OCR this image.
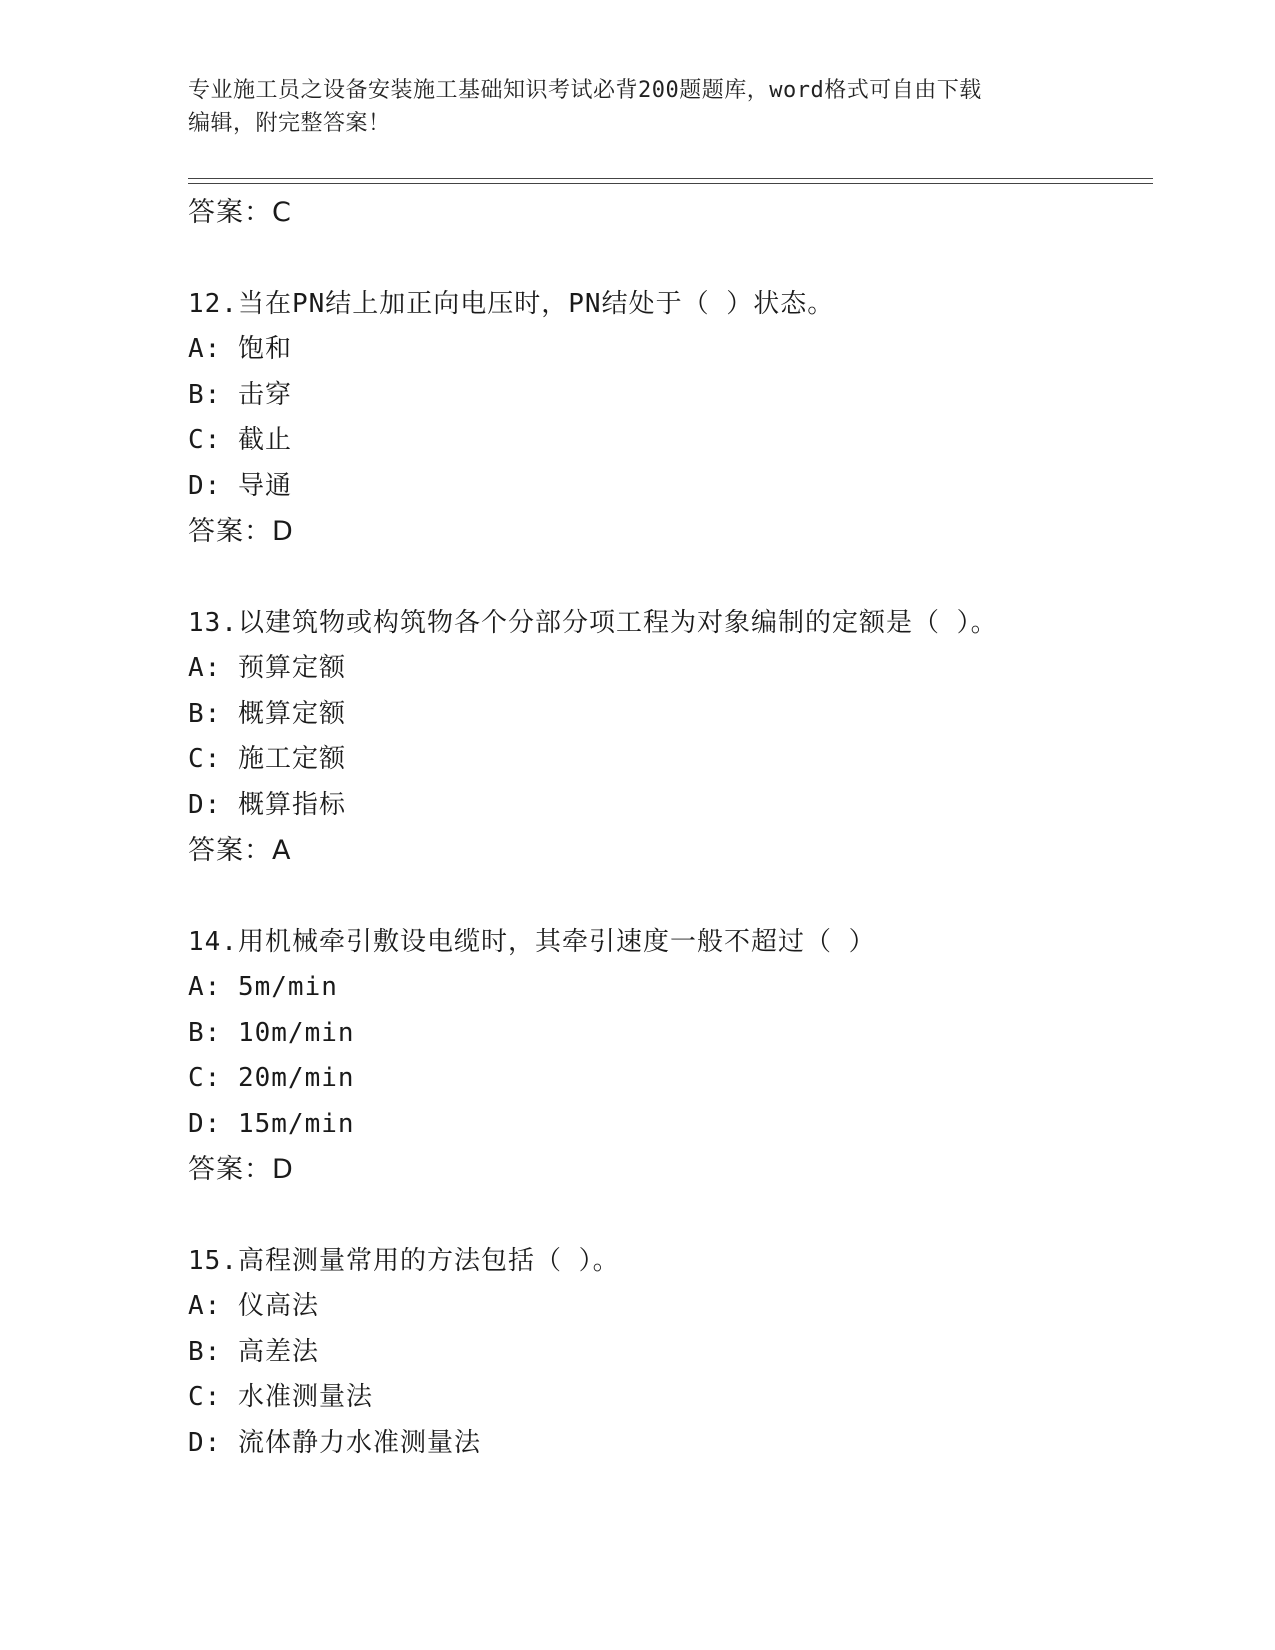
专业施工员之设备安装施工基础知识考试必背200题题库，word格式可自由下载
编辑，附完整答案！
答案：C
12.当在PN结上加正向电压时，PN结处于（ ）状态。
A: 饱和
B: 击穿
C: 截止
D: 导通
答案：D
13.以建筑物或构筑物各个分部分项工程为对象编制的定额是（ ）。
A: 预算定额
B: 概算定额
C: 施工定额
D: 概算指标
答案：A
14.用机械牵引敷设电缆时，其牵引速度一般不超过（ ）
A: 5m/min
B: 10m/min
C: 20m/min
D: 15m/min
答案：D
15.高程测量常用的方法包括（ ）。
A: 仪高法
B: 高差法
C: 水准测量法
D: 流体静力水准测量法
